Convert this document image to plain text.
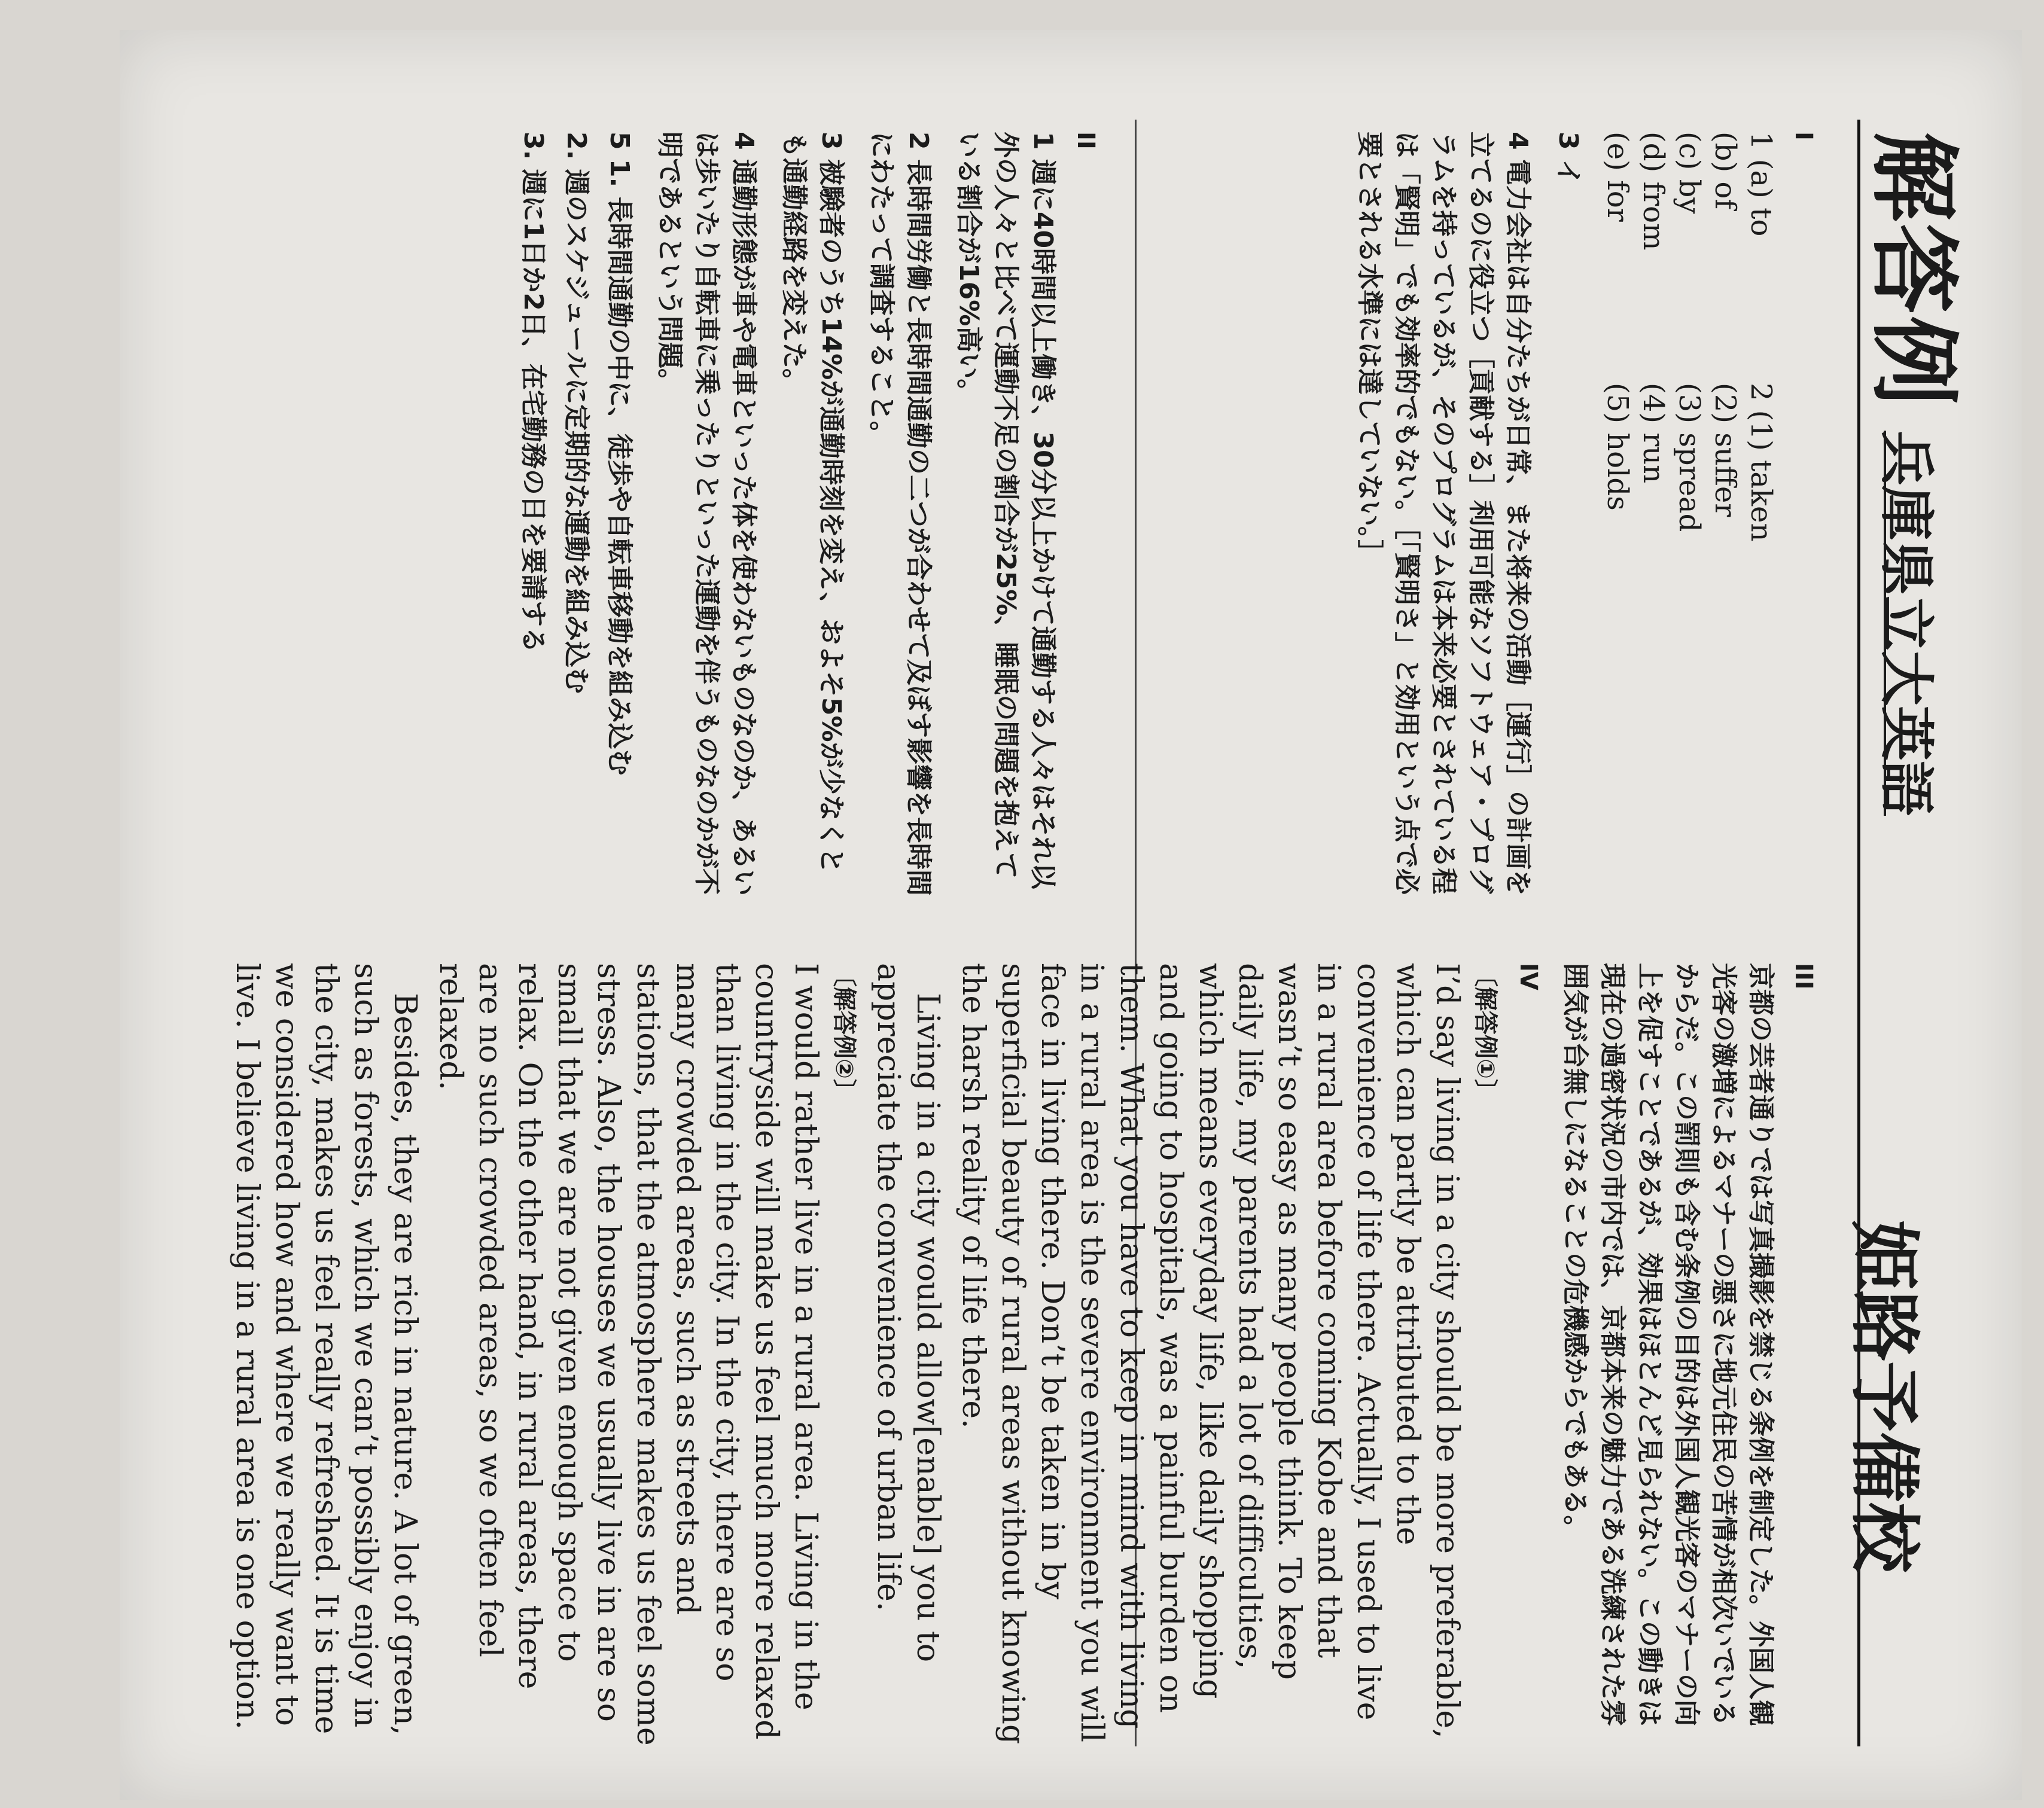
解答例
兵庫県立大英語
姫路予備校
I
1 (a) to
(b) of
(c) by
(d) from
(e) for
2 (1) taken
(2) suffer
(3) spread
(4) run
(5) holds

3 イ

4 電力会社は自分たちが日常、また将来の活動［運行］の計画を立てるのに役立つ［貢献する］利用可能なソフトウェア・プログラムを持っているが、そのプログラムは本来必要とされている程は「賢明」でも効率的でもない。［「賢明さ」と効用という点で必要とされる水準には達していない。］

II

1 週に40時間以上働き、30分以上かけて通勤する人々はそれ以外の人々と比べて運動不足の割合が25%、睡眠の問題を抱えている割合が16%高い。

2 長時間労働と長時間通勤の二つが合わせて及ぼす影響を長時間にわたって調査すること。

3 被験者のうち14%が通勤時刻を変え、およそ5%が少なくとも通勤経路を変えた。

4 通勤形態が車や電車といった体を使わないものなのか、あるいは歩いたり自転車に乗ったりといった運動を伴うものなのかが不明であるという問題。

5 1. 長時間通勤の中に、徒歩や自転車移動を組み込む

2. 週のスケジュールに定期的な運動を組み込む

3. 週に1日か2日、在宅勤務の日を要請する

III

京都の芸者通りでは写真撮影を禁じる条例を制定した。外国人観光客の激増によるマナーの悪さに地元住民の苦情が相次いでいるからだ。この罰則も含む条例の目的は外国人観光客のマナーの向上を促すことであるが、効果はほとんど見られない。この動きは現在の過密状況の市内では、京都本来の魅力である洗練された雰囲気が台無しになることの危機感からでもある。

IV
〔解答例①〕

I’d say living in a city should be more preferable, which can partly be attributed to the convenience of life there. Actually, I used to live in a rural area before coming Kobe and that wasn’t so easy as many people think. To keep daily life, my parents had a lot of difficulties, which means everyday life, like daily shopping and going to hospitals, was a painful burden on them. What you have to keep in mind with living in a rural area is the severe environment you will face in living there. Don’t be taken in by superficial beauty of rural areas without knowing the harsh reality of life there.

Living in a city would allow[enable] you to appreciate the convenience of urban life.

〔解答例②〕

I would rather live in a rural area. Living in the countryside will make us feel much more relaxed than living in the city. In the city, there are so many crowded areas, such as streets and stations, that the atmosphere makes us feel some stress. Also, the houses we usually live in are so small that we are not given enough space to relax. On the other hand, in rural areas, there are no such crowded areas, so we often feel relaxed.

Besides, they are rich in nature. A lot of green, such as forests, which we can’t possibly enjoy in the city, makes us feel really refreshed. It is time we considered how and where we really want to live. I believe living in a rural area is one option.
